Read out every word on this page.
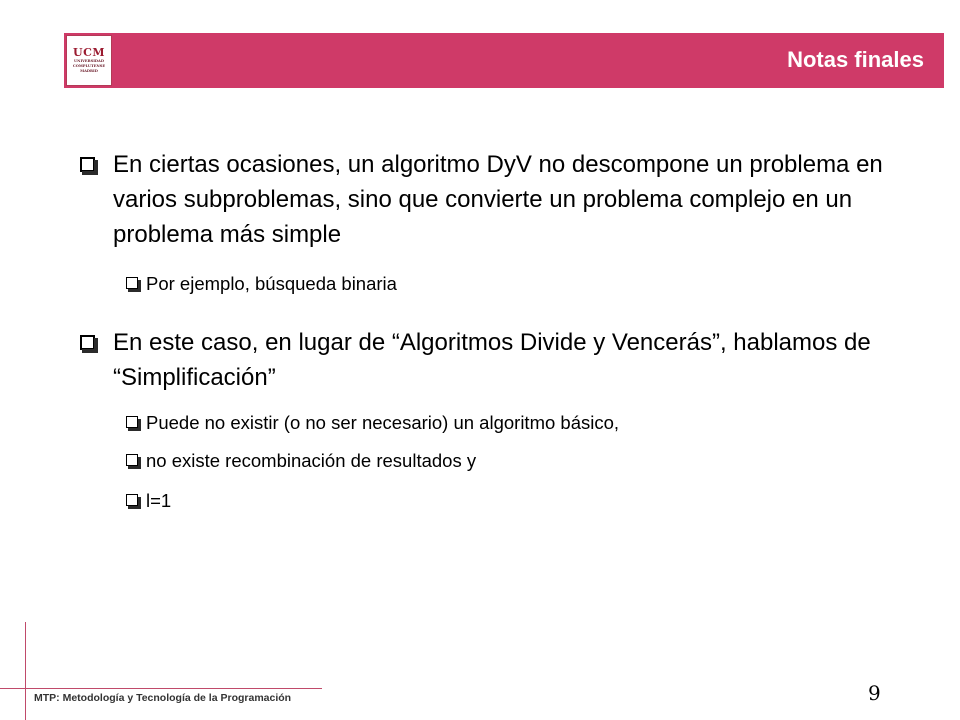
UCM
UNIVERSIDAD
COMPLUTENSE
MADRID	Notas finales
En ciertas ocasiones, un algoritmo DyV no descompone un problema en varios subproblemas, sino que convierte un problema complejo en un problema más simple
Por ejemplo, búsqueda binaria
En este caso, en lugar de “Algoritmos Divide y Vencerás”, hablamos de “Simplificación”
Puede no existir (o no ser necesario) un algoritmo básico,
no existe recombinación de resultados y
l=1
MTP: Metodología y Tecnología de la Programación	9
